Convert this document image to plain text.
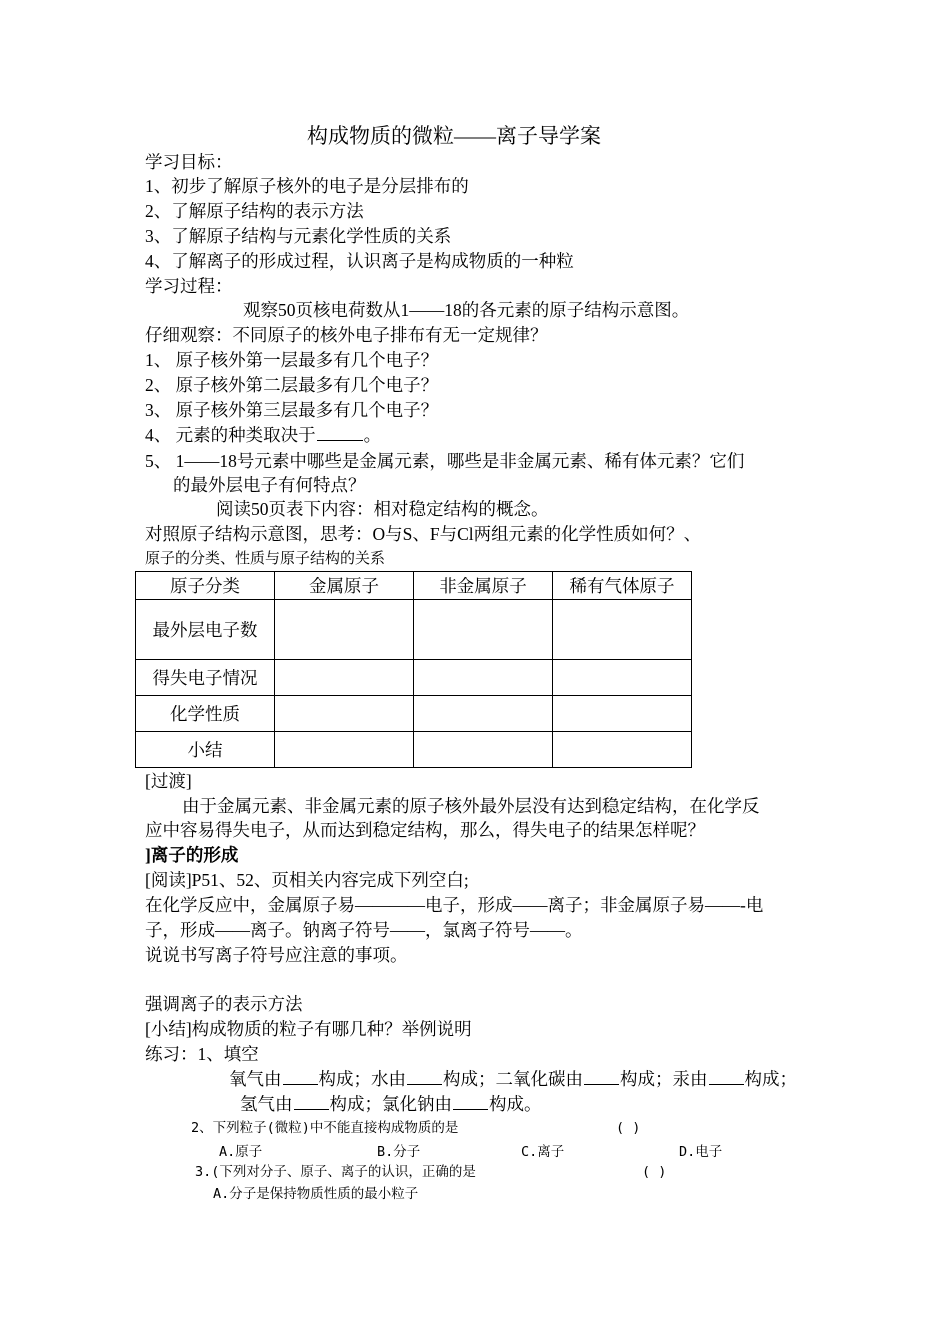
构成物质的微粒——离子导学案
学习目标：
1、初步了解原子核外的电子是分层排布的
2、了解原子结构的表示方法
3、了解原子结构与元素化学性质的关系
4、了解离子的形成过程，认识离子是构成物质的一种粒
学习过程：
观察50页核电荷数从1——18的各元素的原子结构示意图。
仔细观察：不同原子的核外电子排布有无一定规律？
1、 原子核外第一层最多有几个电子？
2、 原子核外第二层最多有几个电子？
3、 原子核外第三层最多有几个电子？
4、 元素的种类取决于	。
5、 1——18号元素中哪些是金属元素，哪些是非金属元素、稀有体元素？它们
的最外层电子有何特点？
阅读50页表下内容：相对稳定结构的概念。
对照原子结构示意图，思考：O与S、F与Cl两组元素的化学性质如何？、
原子的分类、性质与原子结构的关系
原子分类	金属原子	非金属原子	稀有气体原子
最外层电子数			
得失电子情况			
化学性质			
小结			
[过渡]
由于金属元素、非金属元素的原子核外最外层没有达到稳定结构，在化学反
应中容易得失电子，从而达到稳定结构，那么，得失电子的结果怎样呢？
]离子的形成
[阅读]P51、52、页相关内容完成下列空白;
在化学反应中，金属原子易————电子，形成——离子；非金属原子易——-电
子，形成——离子。钠离子符号——，氯离子符号——。
说说书写离子符号应注意的事项。
强调离子的表示方法
[小结]构成物质的粒子有哪几种？举例说明
练习：1、填空
氧气由 构成；水由 构成；二氧化碳由 构成；汞由 构成；
氢气由 构成；氯化钠由 构成。
2、下列粒子(微粒)中不能直接构成物质的是	( )
A.原子	B.分子	C.离子	D.电子
3.(下列对分子、原子、离子的认识，正确的是	( )
A.分子是保持物质性质的最小粒子
